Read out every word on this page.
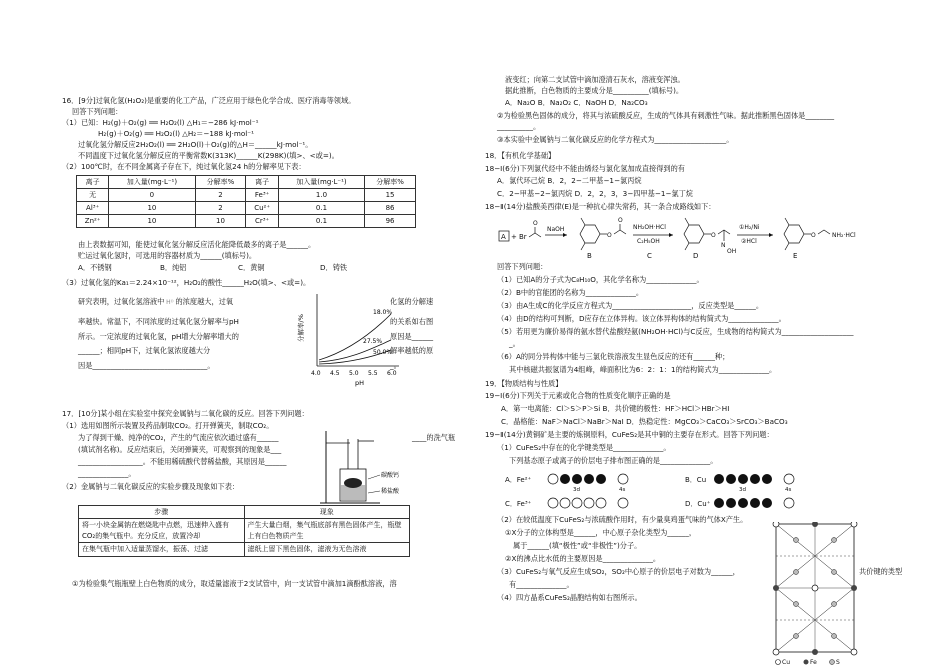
16．[9分]过氧化氢(H₂O₂)是重要的化工产品，广泛应用于绿色化学合成、医疗消毒等领域。
回答下列问题：
（1）已知：H₂(g)＋O₂(g) ══ H₂O₂(l) △H₁＝−286 kJ·mol⁻¹
H₂(g)＋O₂(g) ══ H₂O₂(l) △H₂＝−188 kJ·mol⁻¹
过氧化氢分解反应2H₂O₂(l) ══ 2H₂O(l)＋O₂(g)的△H＝______kJ·mol⁻¹。
不同温度下过氧化氢分解反应的平衡常数K(313K)______K(298K)(填>、<或=)。
（2）100℃时，在不同金属离子存在下，纯过氧化氢24 h的分解率见下表：
离子	加入量(mg·L⁻¹)	分解率%	离子	加入量(mg·L⁻¹)	分解率%
无	0	2	Fe³⁺	1.0	15
Al³⁺	10	2	Cu²⁺	0.1	86
Zn²⁺	10	10	Cr³⁺	0.1	96
由上表数据可知，能使过氧化氢分解反应活化能降低最多的离子是______。
贮运过氧化氢时，可选用的容器材质为______(填标号)。
A．不锈钢	B．纯铝	C．黄铜	D．铸铁
（3）过氧化氢的Ka₁＝2.24×10⁻¹²，H₂O₂的酸性______H₂O(填>、<或=)。
研究表明，过氧化氢溶液中 H⁽⁾ 的浓度越大，过氧	化氢的分解速
率越快。常温下，不同浓度的过氧化氢分解率与pH	的关系如右图
所示。一定浓度的过氧化氢，pH增大分解率增大的	原因是______
______；相同pH下，过氧化氢浓度越大分	解率越低的原
因是________________________________。	_。
17．[10分]某小组在实验室中探究金属钠与二氧化碳的反应。回答下列问题：
（1）选用如图所示装置及药品制取CO₂。打开弹簧夹，制取CO₂。
为了得到干燥、纯净的CO₂，产生的气流应依次通过盛有______	____的洗气瓶
(填试剂名称)。反应结束后，关闭弹簧夹，可观察到的现象是___
__________________。不能用稀硫酸代替稀盐酸，其原因是______
______________。
（2）金属钠与二氧化碳反应的实验步骤及现象如下表：
步骤	现象
将一小块金属钠在燃烧匙中点燃，迅速伸入盛有CO₂的集气瓶中。充分反应，放置冷却	产生大量白烟，集气瓶底部有黑色固体产生，瓶壁上有白色物质产生
在集气瓶中加入适量蒸馏水，振荡、过滤	滤纸上留下黑色固体，滤液为无色溶液
①为检验集气瓶瓶壁上白色物质的成分，取适量滤液于2支试管中，向一支试管中滴加1滴酚酞溶液，溶
分解率/%
18.0%
27.5%
50.0%
4.0 4.5 5.0 5.5 6.0
pH
碳酸钙
稀盐酸
液变红；向第二支试管中滴加澄清石灰水，溶液变浑浊。
据此推断，白色物质的主要成分是__________(填标号)。
A．Na₂O B．Na₂O₂ C．NaOH D．Na₂CO₃
②为检验黑色固体的成分，将其与浓硫酸反应，生成的气体具有刺激性气味。据此推断黑色固体是________
__________。
③本实验中金属钠与二氧化碳反应的化学方程式为____________________。
18．【有机化学基础】
18−Ⅰ(6分)下列氯代烃中不能由烯烃与氯化氢加成直接得到的有
A．氯代环己烷 B．2，2−二甲基−1−氯丙烷
C．2−甲基−2−氯丙烷 D．2，2，3，3−四甲基−1−氯丁烷
18−Ⅱ(14分)盐酸美西律(E)是一种抗心律失常药，其一条合成路线如下：
回答下列问题：
（1）已知A的分子式为C₈H₁₀O，其化学名称为______________。
（2）B中的官能团的名称为______________。
（3）由A生成C的化学反应方程式为______________________，反应类型是______。
（4）由D的结构可判断，D应存在立体异构。该立体异构体的结构简式为______________。
（5）若用更为廉价易得的氨水替代盐酸羟氨(NH₂OH·HCl)与C反应，生成物的结构简式为____________________
_。
（6）A的同分异构体中能与三氯化铁溶液发生显色反应的还有______种；
其中核磁共振氢谱为4组峰，峰面积比为6：2：1：1的结构简式为______________。
19．【物质结构与性质】
19−Ⅰ(6分)下列关于元素或化合物的性质变化顺序正确的是
A．第一电离能：Cl＞S＞P＞Si B．共价键的极性：HF＞HCl＞HBr＞HI
C．晶格能：NaF＞NaCl＞NaBr＞NaI D．热稳定性：MgCO₃＞CaCO₃＞SrCO₃＞BaCO₃
19−Ⅱ(14分)黄铜矿是主要的炼铜原料，CuFeS₂是其中铜的主要存在形式。回答下列问题：
（1）CuFeS₂中存在的化学键类型是______________。
下列基态原子或离子的价层电子排布图正确的是______________。
（2）在较低温度下CuFeS₂与浓硫酸作用时，有少量臭鸡蛋气味的气体X产生。
①X分子的立体构型是______，中心原子杂化类型为______，
属于______(填“极性”或“非极性”)分子。
②X的沸点比水低的主要原因是______________。
（3）CuFeS₂与氧气反应生成SO₂，SO₂中心原子的价层电子对数为______，	共价键的类型
有______________。
（4）四方晶系CuFeS₂晶胞结构如右图所示。
A + Br
O
NaOH
O
O
B
NH₂OH·HCl
C₂H₅OH
O
N
OH
D
①H₂/Ni
②HCl
O	NH₂·HCl
E
C
A．Fe²⁺
3d	4s
B．Cu
3d	4s
C．Fe³⁺	D．Cu⁺
Cu	Fe	S
